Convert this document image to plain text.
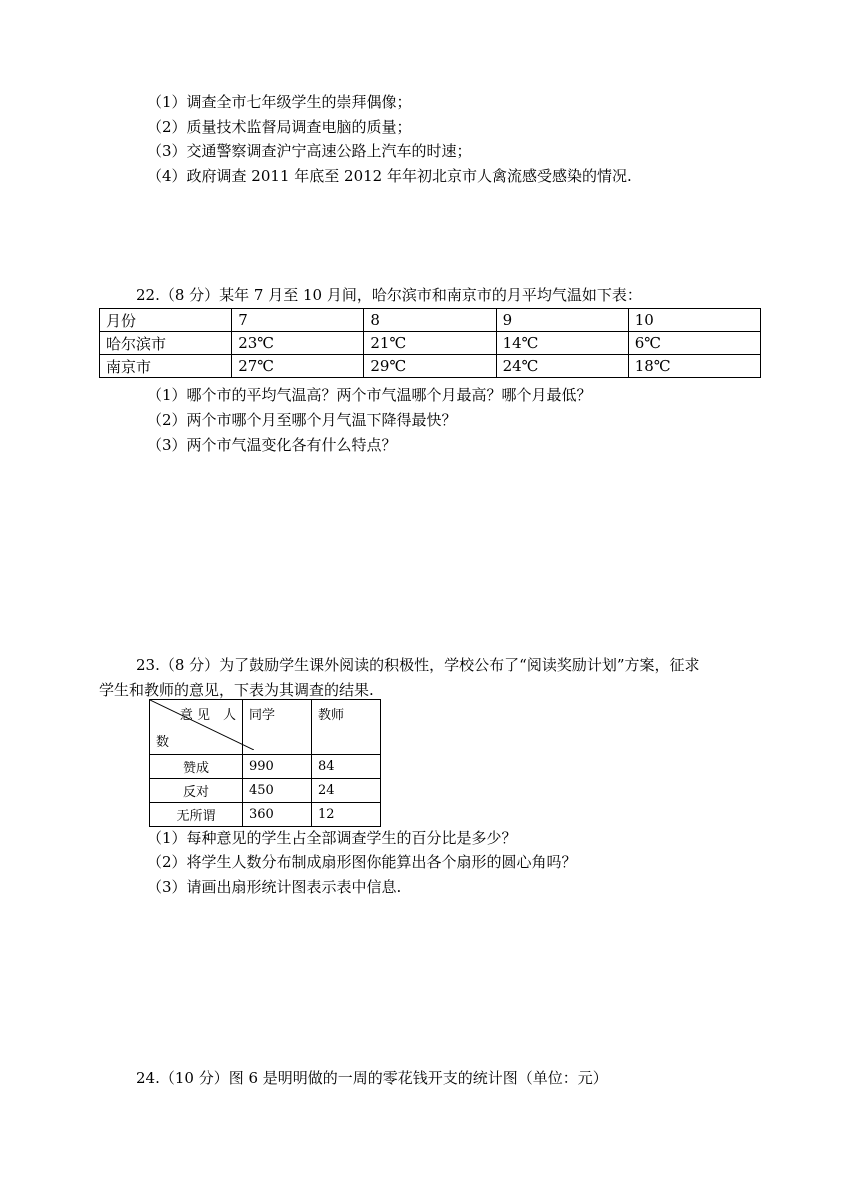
（1）调查全市七年级学生的崇拜偶像；
（2）质量技术监督局调查电脑的质量；
（3）交通警察调查沪宁高速公路上汽车的时速；
（4）政府调查 2011 年底至 2012 年年初北京市人禽流感受感染的情况.
22.（8 分）某年 7 月至 10 月间，哈尔滨市和南京市的月平均气温如下表：
月份	7	8	9	10
哈尔滨市	23℃	21℃	14℃	6℃
南京市	27℃	29℃	24℃	18℃
（1）哪个市的平均气温高？两个市气温哪个月最高？哪个月最低？
（2）两个市哪个月至哪个月气温下降得最快？
（3）两个市气温变化各有什么特点？
23.（8 分）为了鼓励学生课外阅读的积极性，学校公布了“阅读奖励计划”方案，征求
学生和教师的意见，下表为其调查的结果.
意 见　人
数	同学	教师
赞成	990	84
反对	450	24
无所谓	360	12
（1）每种意见的学生占全部调查学生的百分比是多少？
（2）将学生人数分布制成扇形图你能算出各个扇形的圆心角吗？
（3）请画出扇形统计图表示表中信息.
24.（10 分）图 6 是明明做的一周的零花钱开支的统计图（单位：元）
